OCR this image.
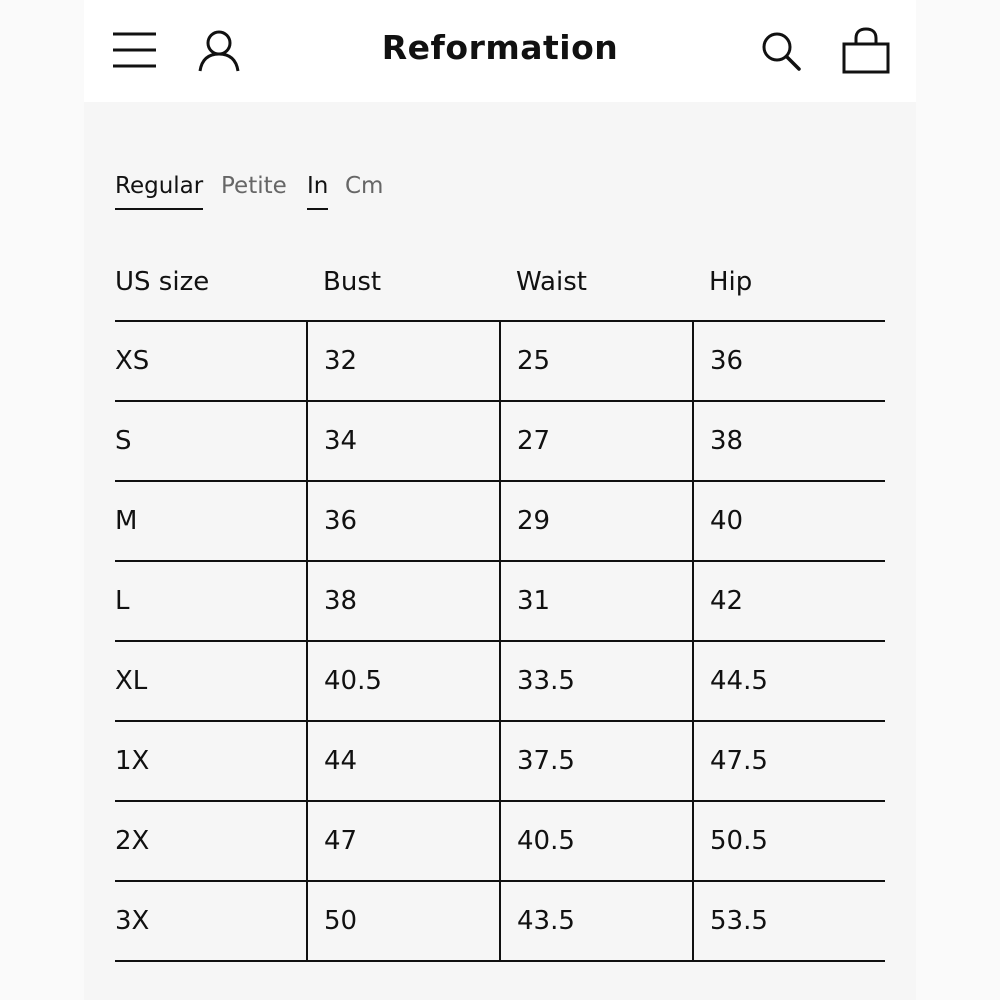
Reformation
Regular Petite In Cm
US size	Bust	Waist	Hip
XS	32	25	36
S	34	27	38
M	36	29	40
L	38	31	42
XL	40.5	33.5	44.5
1X	44	37.5	47.5
2X	47	40.5	50.5
3X	50	43.5	53.5
